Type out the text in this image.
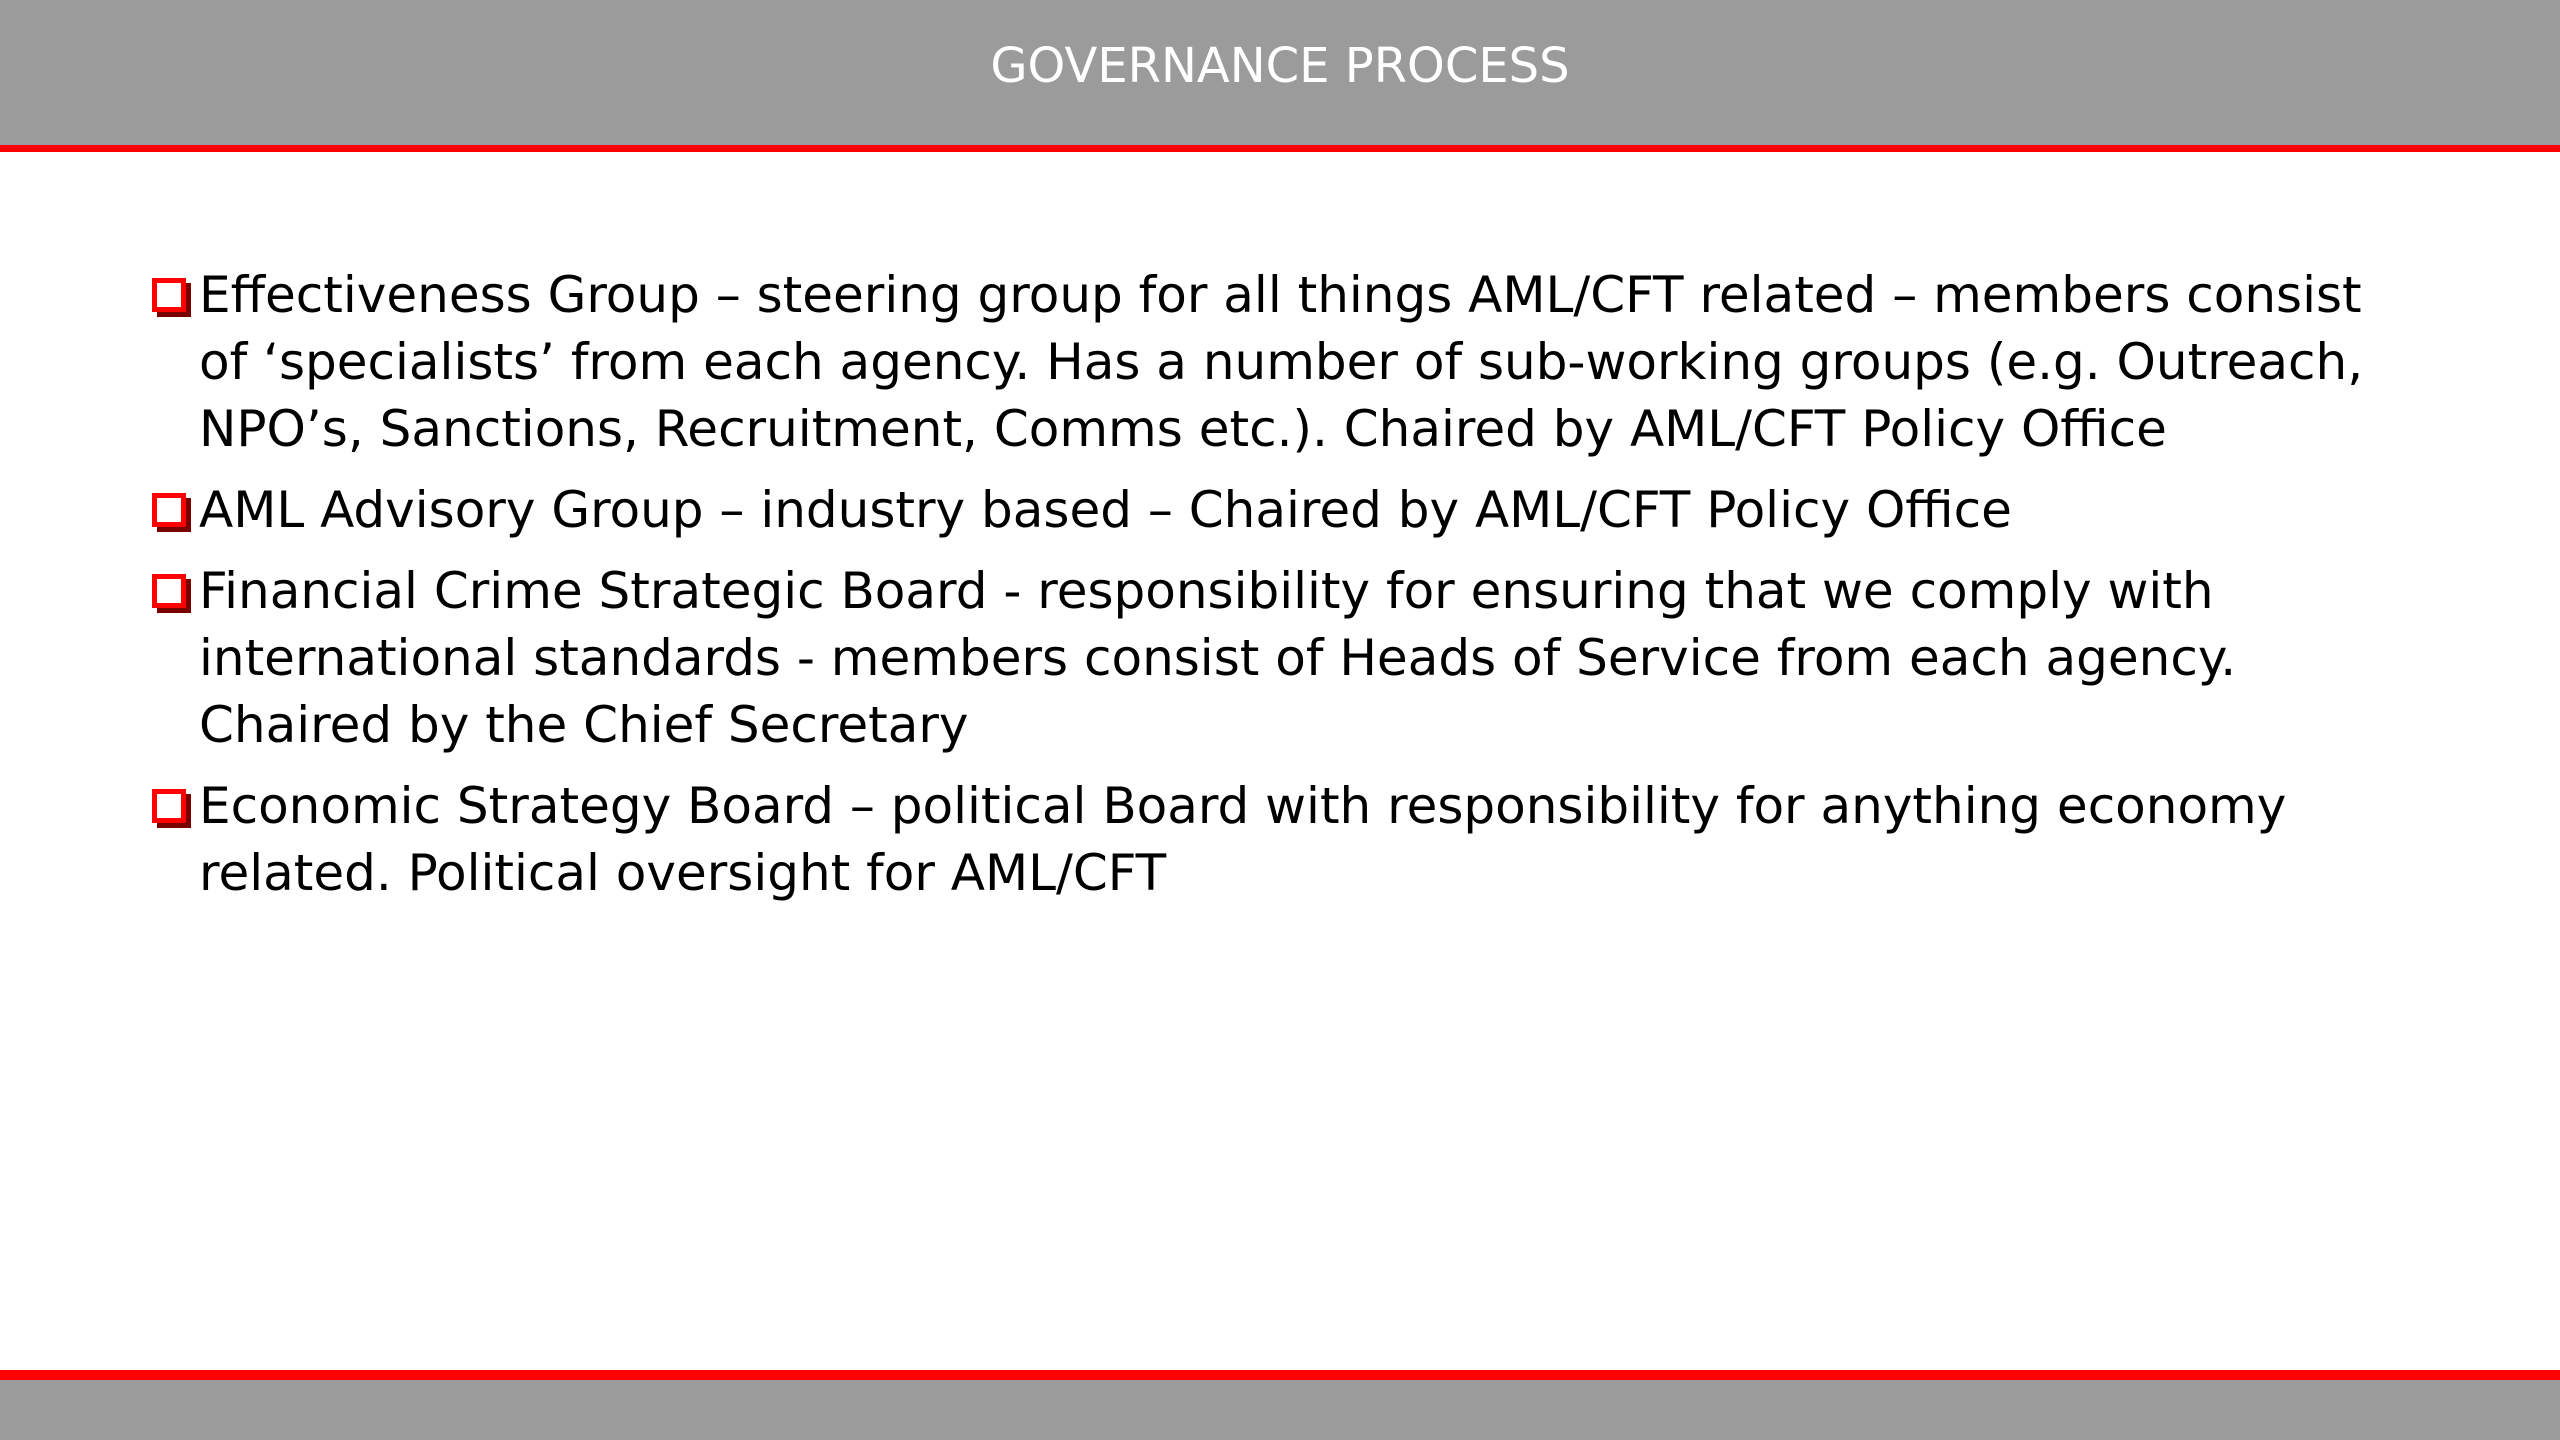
GOVERNANCE PROCESS
Effectiveness Group – steering group for all things AML/CFT related – members consist
of ‘specialists’ from each agency. Has a number of sub-working groups (e.g. Outreach,
NPO’s, Sanctions, Recruitment, Comms etc.). Chaired by AML/CFT Policy Office
AML Advisory Group – industry based – Chaired by AML/CFT Policy Office
Financial Crime Strategic Board - responsibility for ensuring that we comply with
international standards - members consist of Heads of Service from each agency.
Chaired by the Chief Secretary
Economic Strategy Board – political Board with responsibility for anything economy
related. Political oversight for AML/CFT
